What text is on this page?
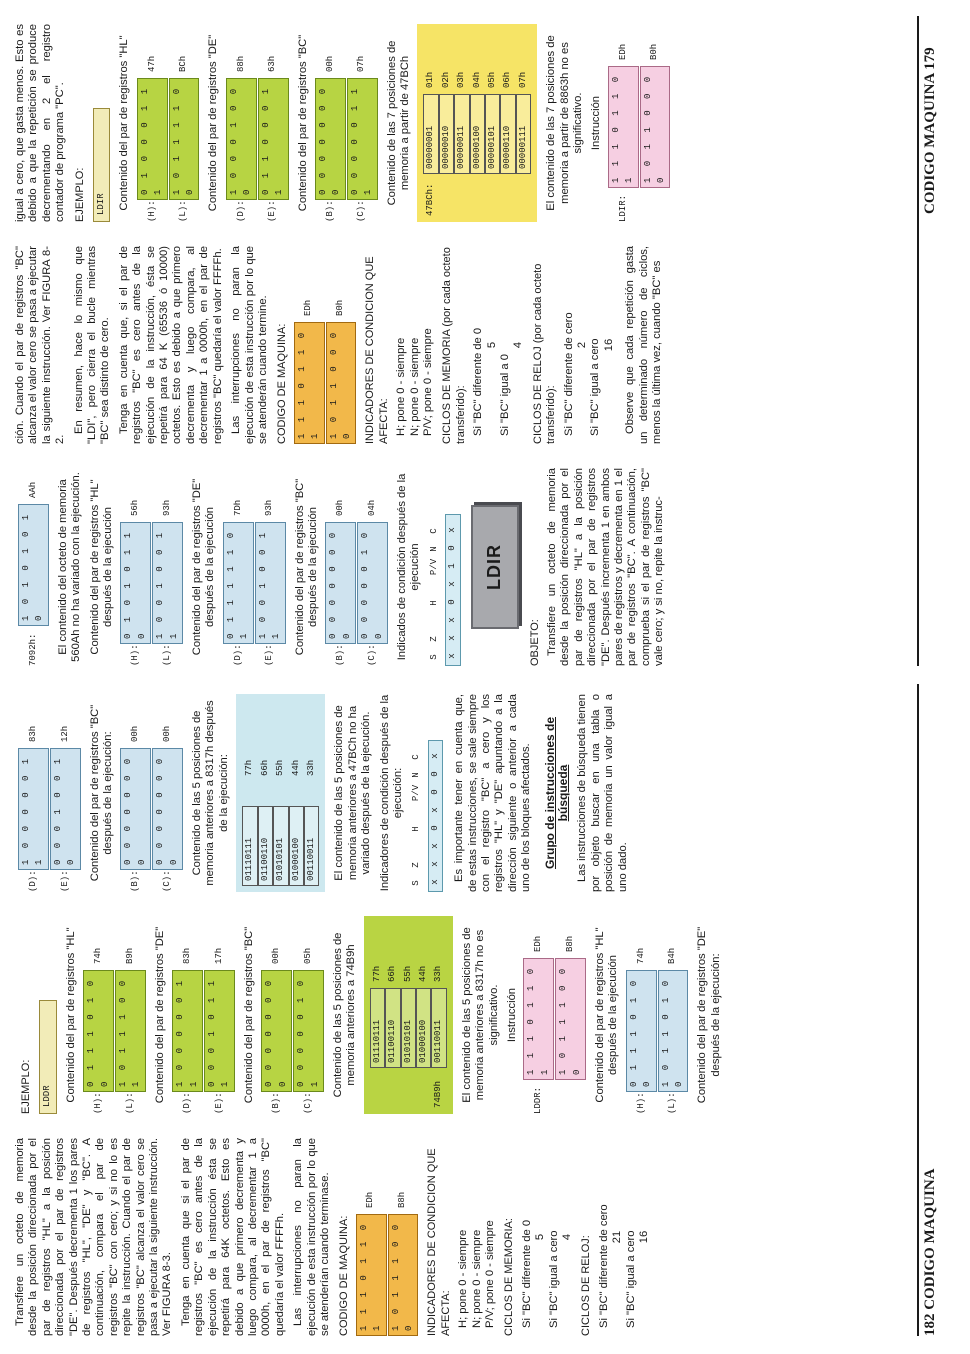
Transfiere un octeto de memoria desde la posición direccionada por el par de registros "HL" a la posición direccionada por el par de registros "DE". Después decrementa 1 los pares de registros "HL", "DE" y "BC". A continuación, compara el par de registros "BC" con cero; y si no lo es repite la instrucción. Cuando el par de registros "BC" alcanza el valor cero se pasa a ejecutar la siguiente instrucción. Ver FIGURA 8-3. Tenga en cuenta que si el par de registros "BC" es cero antes de la ejecución de la instrucción ésta se repetirá para 64K octetos. Esto es debido a que primero decrementa y luego compara, al decrementar 1 a 0000h, en el par de registros "BC" quedaría el valor FFFFh. Las interrupciones no paran la ejecución de esta instrucción por lo que se atenderían cuando terminase. CODIGO DE MAQUINA: 1 1 1 0 1 1 0 1
EDh
1 0 1 1 1 0 0 0
B8h INDICADORES DE CONDICION QUE AFECTA: H; pone 0 - siempre N; pone 0 - siempre P/V; pone 0 - siempre CICLOS DE MEMORIA: Si "BC" diferente de 0 5 Si "BC" igual a cero 4 CICLOS DE RELOJ: Si "BC" diferente de cero 21 Si "BC" igual a cero 16
EJEMPLO: LDDR Contenido del par de registros "HL"

(H):
0 1 1 1 0 1 0 0
74h
(L):
1 0 1 1 1 0 0 1
B9h Contenido del par de registros "DE" (D):
1 0 0 0 0 0 1 1
83h
(E):
0 0 0 1 0 1 1 1
17h Contenido del par de registros "BC" (B):
0 0 0 0 0 0 0 0
00h
(C):
0 0 0 0 0 1 0 1
05h Contenido de las 5 posiciones de memoria anteriores a 74B9h 01110111
77h
01100110
66h
01010101
55h
01000100
44h
74B9h
00110011
33h El contenido de las 5 posiciones de memoria anteriores a 8317h no es significativo. Instrucción
LDDR:
1 1 1 0 1 1 0 1
EDh
1 0 1 1 1 0 0 0
B8h Contenido del par de registros "HL" después de la ejecución

(H):
0 1 1 1 0 1 0 0
74h
(L):
1 0 1 1 0 1 0 0
B4h Contenido del par de registros "DE" después de la ejecución:

(D):
1 0 0 0 0 0 1 1
83h
(E):
0 0 0 1 0 0 1 0
12h Contenido del par de registros "BC" después de la ejecución:

(B):
0 0 0 0 0 0 0 0
00h
(C):
0 0 0 0 0 0 0 0
00h Contenido de las 5 posiciones de memoria anteriores a 8317h después de la ejecución:

01110111
77h
01100110
66h
01010101
55h
01000100
44h
00110011
33h El contenido de las 5 posiciones de memoria anteriores a 47BCh no ha variado después de la ejecución. Indicadores de condición después de la ejecución:

S
Z
H
P/V
N
C
x
x
x
0
x
0
0
x Es importante tener en cuenta que, de estas instrucciones, se sale siempre con el registro "BC" a cero y los registros "HL" y "DE" apuntando a la dirección siguiente o anterior a cada uno de los bloques afectados. Grupo de instrucciones de búsqueda Las instrucciones de búsqueda tienen por objeto buscar en una tabla o posición de memoria un valor igual a uno dado.

182 CODIGO MAQUINA
7092h:
1 0 1 0 1 0 1 0
AAh El contenido del octeto de memoria 560Ah no ha variado con la ejecución. Contenido del par de registros "HL" después de la ejecución

(H):
0 1 0 1 0 1 1 0
56h
(L):
1 0 0 1 0 0 1 1
93h Contenido del par de registros "DE" después de la ejecución

(D):
0 1 1 1 1 1 0 1
7Dh
(E):
1 0 0 1 0 0 1 1
93h Contenido del par de registros "BC" después de la ejecución

(B):
0 0 0 0 0 0 0 0
00h
(C):
0 0 0 0 0 1 0 0
04h Indicados de condición después de la ejecución

S
Z
H
P/V
N
C
x
x
x
0
x
1
0
x
LDIR
OBJETO: Transfiere un octeto de memoria desde la posición direccionada por el par de registros "HL" a la posición direccionada por el par de registros "DE". Después incrementa 1 en ambos pares de registros y decrementa en 1 el par de registros "BC". A continuación, comprueba si el par de registros "BC" vale cero; y si no, repite la instruc-

ción. Cuando el par de registros "BC" alcanza el valor cero se pasa a ejecutar la siguiente instrucción. Ver FIGURA 8-2.

En resumen, hace lo mismo que "LDI", pero cierra el bucle mientras "BC" sea distinto de cero. Tenga en cuenta que, si el par de registros "BC" es cero antes de la ejecución de la instrucción, ésta se repetirá para 64 K (65536 ó 10000) octetos. Esto es debido a que primero decrementa y luego compara, al decrementar 1 a 0000h, en el par de registros "BC" quedaría el valor FFFFh. Las interrupciones no paran la ejecución de esta instrucción por lo que se atenderán cuando termine. CODIGO DE MAQUINA: 1 1 1 0 1 1 0 1
EDh
1 0 1 1 0 0 0 0
B0h INDICADORES DE CONDICION QUE AFECTA: H; pone 0 - siempre N; pone 0 - siempre P/V; pone 0 - siempre CICLOS DE MEMORIA (por cada octeto transferido): Si "BC" diferente de 0 5
Si "BC" igual a 0
4 CICLOS DE RELOJ (por cada octeto transferido): Si "BC" diferente de cero 2 Si "BC" igual a cero 16 Observe que cada repetición gasta un determinado número de ciclos, menos la última vez, cuando "BC" es

igual a cero, que gasta menos. Esto es debido a que la repetición se produce decrementando en 2 el registro contador de programa "PC". EJEMPLO: LDIR Contenido del par de registros "HL"

(H):
0 1 0 0 0 1 1 1
47h
(L):
1 0 1 1 1 1 0 0
BCh Contenido del par de registros "DE" (D):
1 0 0 0 1 0 0 0
88h
(E):
0 1 1 0 0 0 1 1
63h Contenido del par de registros "BC" (B):
0 0 0 0 0 0 0 0
00h
(C):
0 0 0 0 0 1 1 1
07h Contenido de las 7 posiciones de memoria a partir de 47BCh

47BCh:
00000001
01h
00000010
02h
00000011
03h
00000100
04h
00000101
05h
00000110
06h
00000111
07h El contenido de las 7 posiciones de memoria a partir de 8863h no es significativo. Instrucción
LDIR:
1 1 1 0 1 1 0 1
EDh
1 0 1 1 0 0 0 0
B0h	CODIGO MAQUINA 179
